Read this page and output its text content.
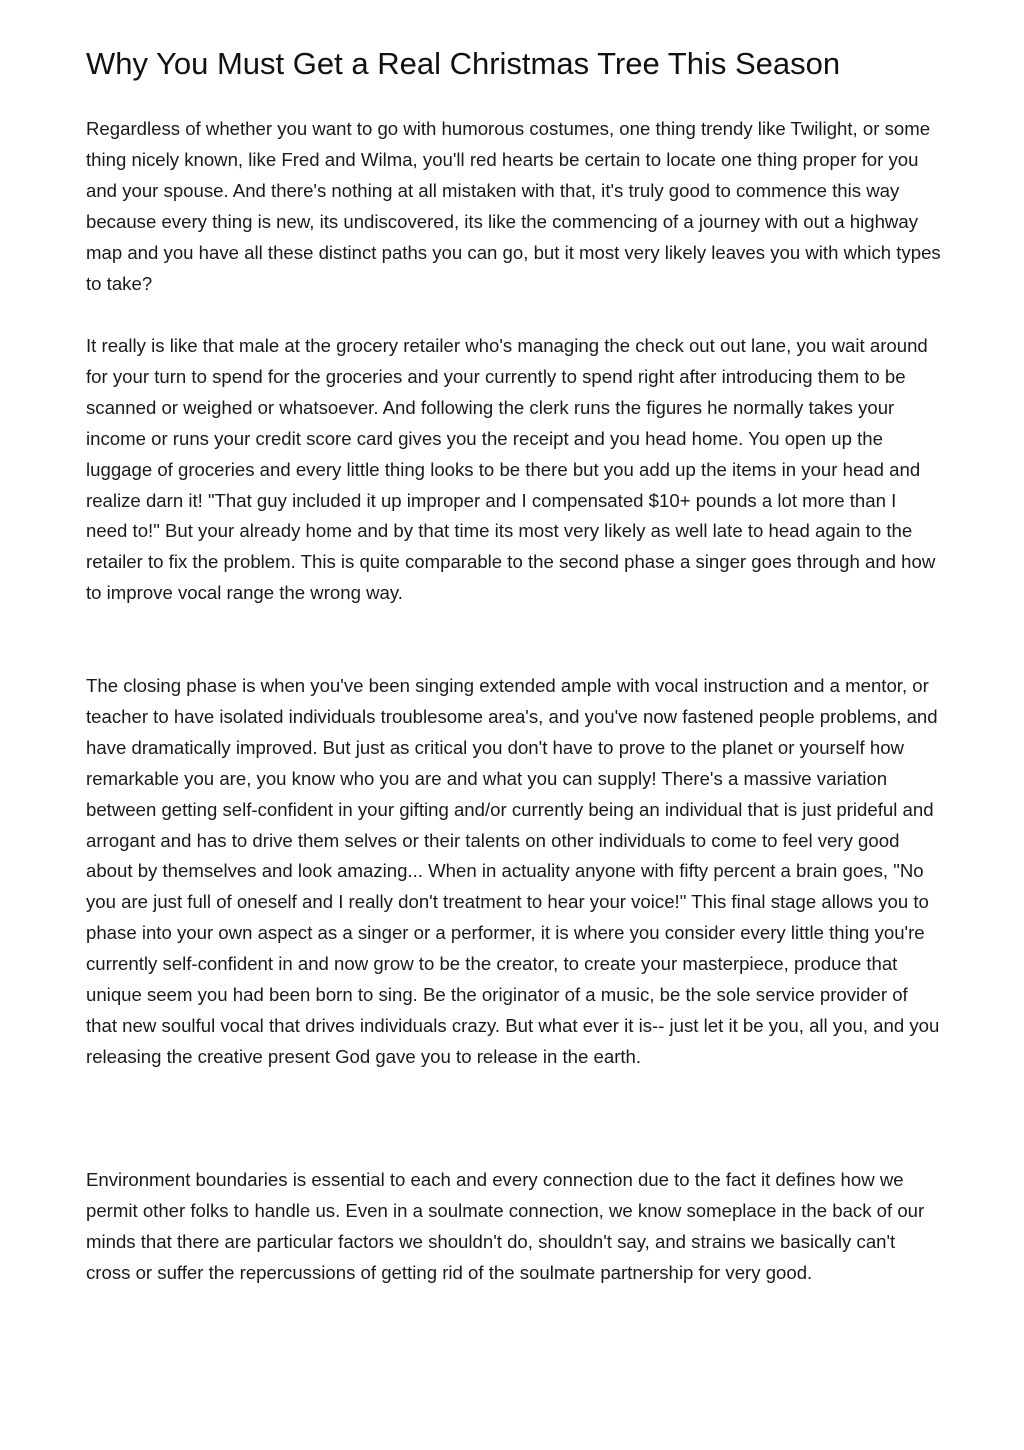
Why You Must Get a Real Christmas Tree This Season

Regardless of whether you want to go with humorous costumes, one thing trendy like Twilight, or some thing nicely known, like Fred and Wilma, you'll red hearts be certain to locate one thing proper for you and your spouse. And there's nothing at all mistaken with that, it's truly good to commence this way because every thing is new, its undiscovered, its like the commencing of a journey with out a highway map and you have all these distinct paths you can go, but it most very likely leaves you with which types to take?

It really is like that male at the grocery retailer who's managing the check out out lane, you wait around for your turn to spend for the groceries and your currently to spend right after introducing them to be scanned or weighed or whatsoever. And following the clerk runs the figures he normally takes your income or runs your credit score card gives you the receipt and you head home. You open up the luggage of groceries and every little thing looks to be there but you add up the items in your head and realize darn it! "That guy included it up improper and I compensated $10+ pounds a lot more than I need to!" But your already home and by that time its most very likely as well late to head again to the retailer to fix the problem. This is quite comparable to the second phase a singer goes through and how to improve vocal range the wrong way.

The closing phase is when you've been singing extended ample with vocal instruction and a mentor, or teacher to have isolated individuals troublesome area's, and you've now fastened people problems, and have dramatically improved. But just as critical you don't have to prove to the planet or yourself how remarkable you are, you know who you are and what you can supply! There's a massive variation between getting self-confident in your gifting and/or currently being an individual that is just prideful and arrogant and has to drive them selves or their talents on other individuals to come to feel very good about by themselves and look amazing... When in actuality anyone with fifty percent a brain goes, "No you are just full of oneself and I really don't treatment to hear your voice!" This final stage allows you to phase into your own aspect as a singer or a performer, it is where you consider every little thing you're currently self-confident in and now grow to be the creator, to create your masterpiece, produce that unique seem you had been born to sing. Be the originator of a music, be the sole service provider of that new soulful vocal that drives individuals crazy. But what ever it is-- just let it be you, all you, and you releasing the creative present God gave you to release in the earth.

Environment boundaries is essential to each and every connection due to the fact it defines how we permit other folks to handle us. Even in a soulmate connection, we know someplace in the back of our minds that there are particular factors we shouldn't do, shouldn't say, and strains we basically can't cross or suffer the repercussions of getting rid of the soulmate partnership for very good.
